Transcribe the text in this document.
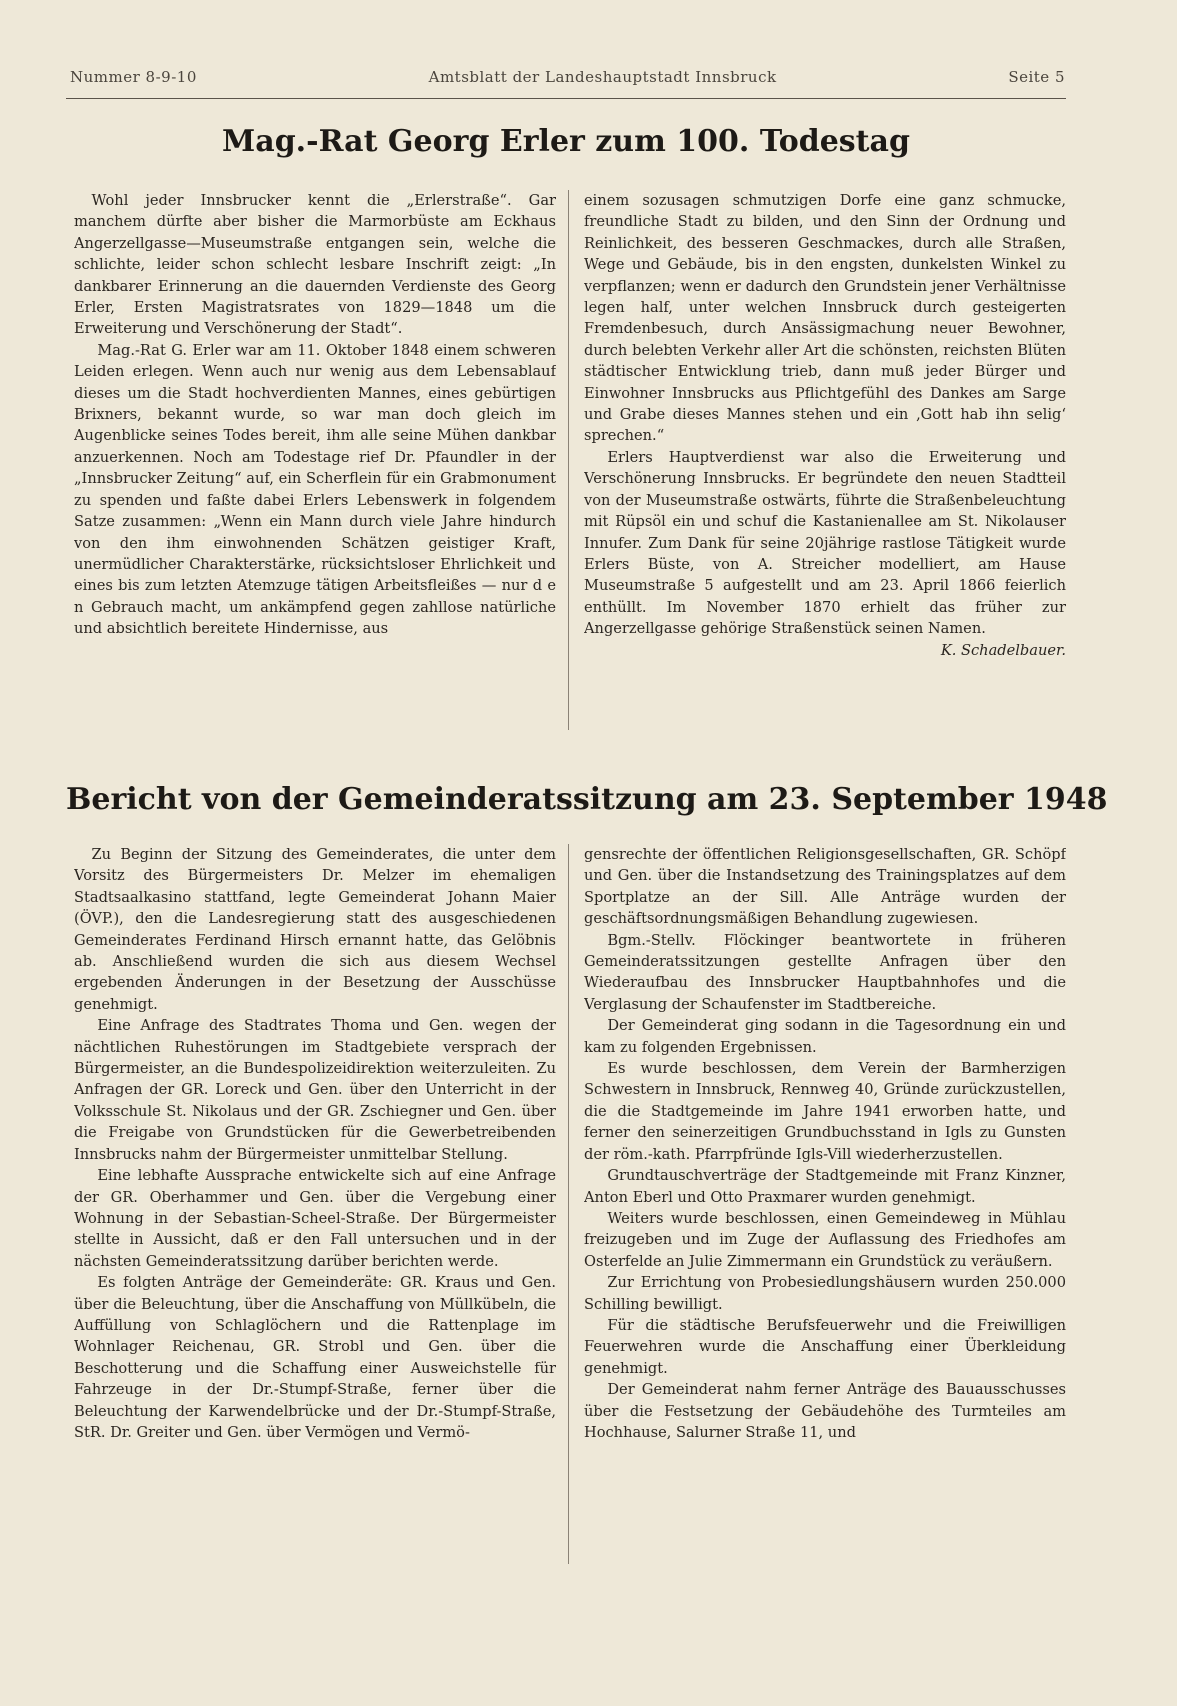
Nummer 8-9-10	Amtsblatt der Landeshauptstadt Innsbruck	Seite 5
Mag.-Rat Georg Erler zum 100. Todestag

Wohl jeder Innsbrucker kennt die „Erlerstraße“. Gar manchem dürfte aber bisher die Marmorbüste am Eckhaus Angerzellgasse—Museumstraße entgangen sein, welche die schlichte, leider schon schlecht lesbare Inschrift zeigt: „In dankbarer Erinnerung an die dauernden Verdienste des Georg Erler, Ersten Magistratsrates von 1829—1848 um die Erweiterung und Verschönerung der Stadt“.

Mag.-Rat G. Erler war am 11. Oktober 1848 einem schweren Leiden erlegen. Wenn auch nur wenig aus dem Lebensablauf dieses um die Stadt hochverdienten Mannes, eines gebürtigen Brixners, bekannt wurde, so war man doch gleich im Augenblicke seines Todes bereit, ihm alle seine Mühen dankbar anzuerkennen. Noch am Todestage rief Dr. Pfaundler in der „Innsbrucker Zeitung“ auf, ein Scherflein für ein Grabmonument zu spenden und faßte dabei Erlers Lebenswerk in folgendem Satze zusammen: „Wenn ein Mann durch viele Jahre hindurch von den ihm einwohnenden Schätzen geistiger Kraft, unermüdlicher Charakterstärke, rücksichtsloser Ehrlichkeit und eines bis zum letzten Atemzuge tätigen Arbeitsfleißes — nur d e n Gebrauch macht, um ankämpfend gegen zahllose natürliche und absichtlich bereitete Hindernisse, aus

einem sozusagen schmutzigen Dorfe eine ganz schmucke, freundliche Stadt zu bilden, und den Sinn der Ordnung und Reinlichkeit, des besseren Geschmackes, durch alle Straßen, Wege und Gebäude, bis in den engsten, dunkelsten Winkel zu verpflanzen; wenn er dadurch den Grundstein jener Verhältnisse legen half, unter welchen Innsbruck durch gesteigerten Fremdenbesuch, durch Ansässigmachung neuer Bewohner, durch belebten Verkehr aller Art die schönsten, reichsten Blüten städtischer Entwicklung trieb, dann muß jeder Bürger und Einwohner Innsbrucks aus Pflichtgefühl des Dankes am Sarge und Grabe dieses Mannes stehen und ein ‚Gott hab ihn selig‘ sprechen.“

Erlers Hauptverdienst war also die Erweiterung und Verschönerung Innsbrucks. Er begründete den neuen Stadtteil von der Museumstraße ostwärts, führte die Straßenbeleuchtung mit Rüpsöl ein und schuf die Kastanienallee am St. Nikolauser Innufer. Zum Dank für seine 20jährige rastlose Tätigkeit wurde Erlers Büste, von A. Streicher modelliert, am Hause Museumstraße 5 aufgestellt und am 23. April 1866 feierlich enthüllt. Im November 1870 erhielt das früher zur Angerzellgasse gehörige Straßenstück seinen Namen.

K. Schadelbauer.

Bericht von der Gemeinderatssitzung am 23. September 1948

Zu Beginn der Sitzung des Gemeinderates, die unter dem Vorsitz des Bürgermeisters Dr. Melzer im ehemaligen Stadtsaalkasino stattfand, legte Gemeinderat Johann Maier (ÖVP.), den die Landesregierung statt des ausgeschiedenen Gemeinderates Ferdinand Hirsch ernannt hatte, das Gelöbnis ab. Anschließend wurden die sich aus diesem Wechsel ergebenden Änderungen in der Besetzung der Ausschüsse genehmigt.

Eine Anfrage des Stadtrates Thoma und Gen. wegen der nächtlichen Ruhestörungen im Stadtgebiete versprach der Bürgermeister, an die Bundespolizeidirektion weiterzuleiten. Zu Anfragen der GR. Loreck und Gen. über den Unterricht in der Volksschule St. Nikolaus und der GR. Zschiegner und Gen. über die Freigabe von Grundstücken für die Gewerbetreibenden Innsbrucks nahm der Bürgermeister unmittelbar Stellung.

Eine lebhafte Aussprache entwickelte sich auf eine Anfrage der GR. Oberhammer und Gen. über die Vergebung einer Wohnung in der Sebastian-Scheel-Straße. Der Bürgermeister stellte in Aussicht, daß er den Fall untersuchen und in der nächsten Gemeinderatssitzung darüber berichten werde.

Es folgten Anträge der Gemeinderäte: GR. Kraus und Gen. über die Beleuchtung, über die Anschaffung von Müllkübeln, die Auffüllung von Schlaglöchern und die Rattenplage im Wohnlager Reichenau, GR. Strobl und Gen. über die Beschotterung und die Schaffung einer Ausweichstelle für Fahrzeuge in der Dr.-Stumpf-Straße, ferner über die Beleuchtung der Karwendelbrücke und der Dr.-Stumpf-Straße, StR. Dr. Greiter und Gen. über Vermögen und Vermö-

gensrechte der öffentlichen Religionsgesellschaften, GR. Schöpf und Gen. über die Instandsetzung des Trainingsplatzes auf dem Sportplatze an der Sill. Alle Anträge wurden der geschäftsordnungsmäßigen Behandlung zugewiesen.

Bgm.-Stellv. Flöckinger beantwortete in früheren Gemeinderatssitzungen gestellte Anfragen über den Wiederaufbau des Innsbrucker Hauptbahnhofes und die Verglasung der Schaufenster im Stadtbereiche.

Der Gemeinderat ging sodann in die Tagesordnung ein und kam zu folgenden Ergebnissen.

Es wurde beschlossen, dem Verein der Barmherzigen Schwestern in Innsbruck, Rennweg 40, Gründe zurückzustellen, die die Stadtgemeinde im Jahre 1941 erworben hatte, und ferner den seinerzeitigen Grundbuchsstand in Igls zu Gunsten der röm.-kath. Pfarrpfründe Igls-Vill wiederherzustellen.

Grundtauschverträge der Stadtgemeinde mit Franz Kinzner, Anton Eberl und Otto Praxmarer wurden genehmigt.

Weiters wurde beschlossen, einen Gemeindeweg in Mühlau freizugeben und im Zuge der Auflassung des Friedhofes am Osterfelde an Julie Zimmermann ein Grundstück zu veräußern.

Zur Errichtung von Probesiedlungshäusern wurden 250.000 Schilling bewilligt.

Für die städtische Berufsfeuerwehr und die Freiwilligen Feuerwehren wurde die Anschaffung einer Überkleidung genehmigt.

Der Gemeinderat nahm ferner Anträge des Bauausschusses über die Festsetzung der Gebäudehöhe des Turmteiles am Hochhause, Salurner Straße 11, und
